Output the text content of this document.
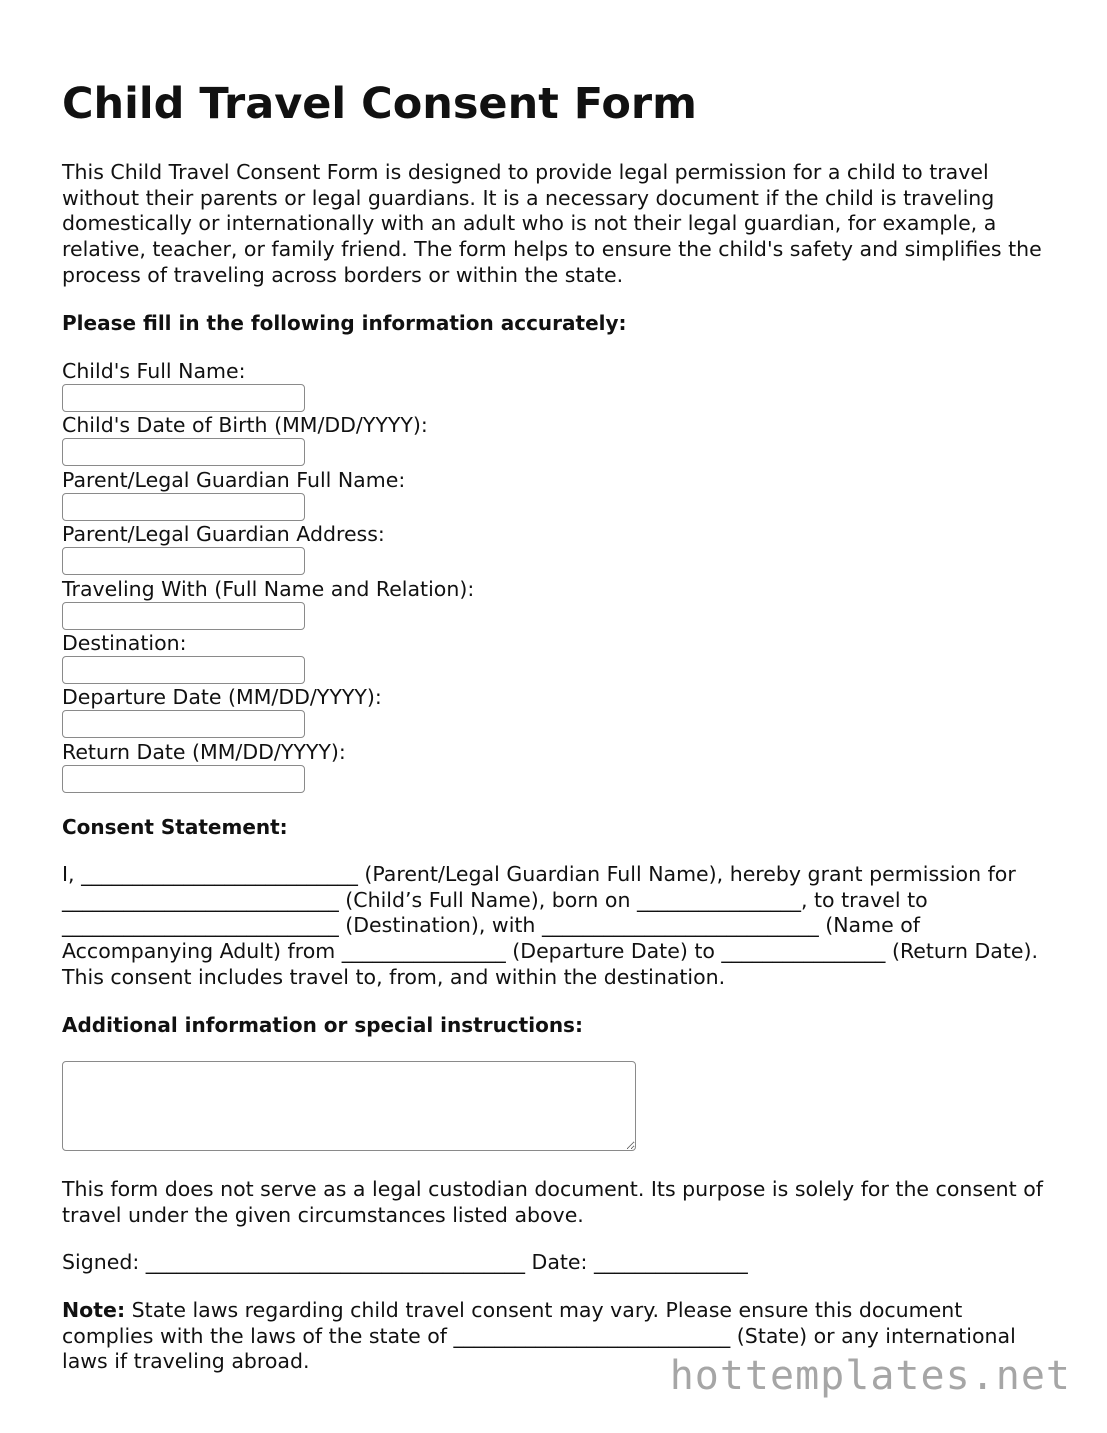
Child Travel Consent Form

This Child Travel Consent Form is designed to provide legal permission for a child to travel without their parents or legal guardians. It is a necessary document if the child is traveling domestically or internationally with an adult who is not their legal guardian, for example, a relative, teacher, or family friend. The form helps to ensure the child's safety and simplifies the process of traveling across borders or within the state.

Please fill in the following information accurately:

Child's Full Name:
Child's Date of Birth (MM/DD/YYYY):
Parent/Legal Guardian Full Name:
Parent/Legal Guardian Address:
Traveling With (Full Name and Relation):
Destination:
Departure Date (MM/DD/YYYY):
Return Date (MM/DD/YYYY):

Consent Statement:

I, ___________________________ (Parent/Legal Guardian Full Name), hereby grant permission for ___________________________ (Child’s Full Name), born on ________________, to travel to ___________________________ (Destination), with ___________________________ (Name of Accompanying Adult) from ________________ (Departure Date) to ________________ (Return Date). This consent includes travel to, from, and within the destination.

Additional information or special instructions:

This form does not serve as a legal custodian document. Its purpose is solely for the consent of travel under the given circumstances listed above.

Signed: _____________________________________ Date: _______________

Note: State laws regarding child travel consent may vary. Please ensure this document complies with the laws of the state of ___________________________ (State) or any international laws if traveling abroad.	hottemplates.net
